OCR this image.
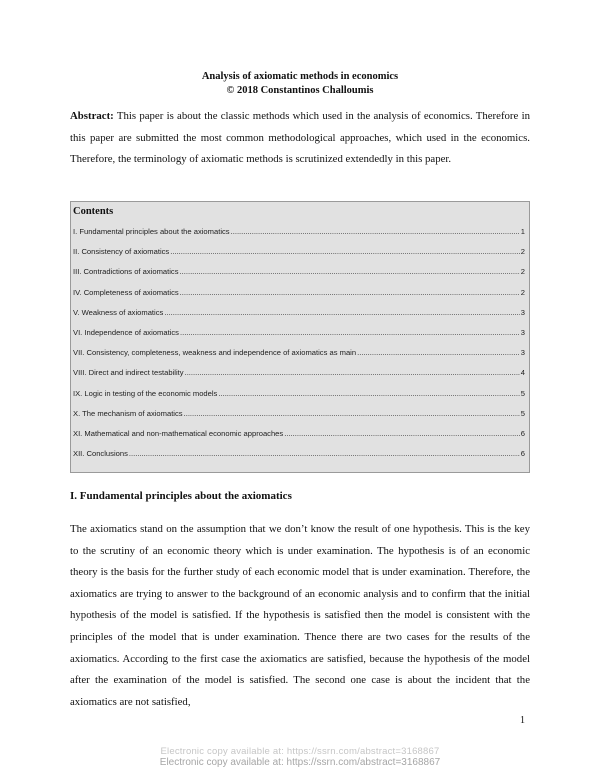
Analysis of axiomatic methods in economics
© 2018 Constantinos Challoumis
Abstract: This paper is about the classic methods which used in the analysis of economics. Therefore in this paper are submitted the most common methodological approaches, which used in the economics. Therefore, the terminology of axiomatic methods is scrutinized extendedly in this paper.
Contents
I. Fundamental principles about the axiomatics .....	1
II. Consistency of axiomatics .....	2
III. Contradictions of axiomatics .....	2
IV. Completeness of axiomatics .....	2
V. Weakness of axiomatics .....	3
VI. Independence of axiomatics .....	3
VII. Consistency, completeness, weakness and independence of axiomatics as main .....	3
VIII. Direct and indirect testability .....	4
IX. Logic in testing of the economic models .....	5
X. The mechanism of axiomatics .....	5
XI. Mathematical and non-mathematical economic approaches .....	6
XII. Conclusions .....	6
I. Fundamental principles about the axiomatics
The axiomatics stand on the assumption that we don’t know the result of one hypothesis. This is the key to the scrutiny of an economic theory which is under examination. The hypothesis is of an economic theory is the basis for the further study of each economic model that is under examination. Therefore, the axiomatics are trying to answer to the background of an economic analysis and to confirm that the initial hypothesis of the model is satisfied. If the hypothesis is satisfied then the model is consistent with the principles of the model that is under examination. Thence there are two cases for the results of the axiomatics. According to the first case the axiomatics are satisfied, because the hypothesis of the model after the examination of the model is satisfied. The second one case is about the incident that the axiomatics are not satisfied,
1
Electronic copy available at: https://ssrn.com/abstract=3168867
Electronic copy available at: https://ssrn.com/abstract=3168867
